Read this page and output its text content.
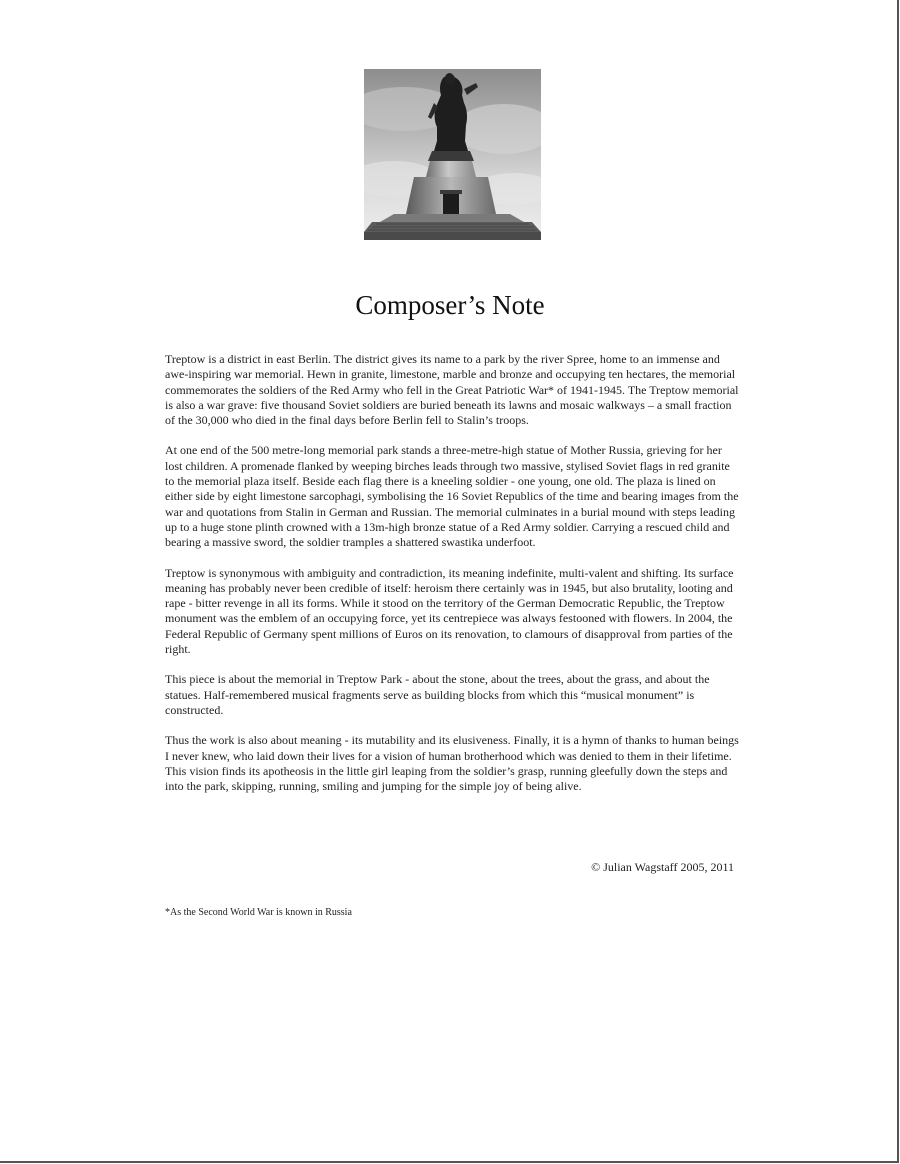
Composer’s Note

Treptow is a district in east Berlin. The district gives its name to a park by the river Spree, home to an immense and awe-inspiring war memorial. Hewn in granite, limestone, marble and bronze and occupying ten hectares, the memorial commemorates the soldiers of the Red Army who fell in the Great Patriotic War* of 1941-1945. The Treptow memorial is also a war grave: five thousand Soviet soldiers are buried beneath its lawns and mosaic walkways – a small fraction of the 30,000 who died in the final days before Berlin fell to Stalin’s troops.

At one end of the 500 metre-long memorial park stands a three-metre-high statue of Mother Russia, grieving for her lost children. A promenade flanked by weeping birches leads through two massive, stylised Soviet flags in red granite to the memorial plaza itself. Beside each flag there is a kneeling soldier - one young, one old. The plaza is lined on either side by eight limestone sarcophagi, symbolising the 16 Soviet Republics of the time and bearing images from the war and quotations from Stalin in German and Russian. The memorial culminates in a burial mound with steps leading up to a huge stone plinth crowned with a 13m-high bronze statue of a Red Army soldier. Carrying a rescued child and bearing a massive sword, the soldier tramples a shattered swastika underfoot.

Treptow is synonymous with ambiguity and contradiction, its meaning indefinite, multi-valent and shifting. Its surface meaning has probably never been credible of itself: heroism there certainly was in 1945, but also brutality, looting and rape - bitter revenge in all its forms. While it stood on the territory of the German Democratic Republic, the Treptow monument was the emblem of an occupying force, yet its centrepiece was always festooned with flowers. In 2004, the Federal Republic of Germany spent millions of Euros on its renovation, to clamours of disapproval from parties of the right.

This piece is about the memorial in Treptow Park - about the stone, about the trees, about the grass, and about the statues. Half-remembered musical fragments serve as building blocks from which this “musical monument” is constructed.

Thus the work is also about meaning - its mutability and its elusiveness. Finally, it is a hymn of thanks to human beings I never knew, who laid down their lives for a vision of human brotherhood which was denied to them in their lifetime. This vision finds its apotheosis in the little girl leaping from the soldier’s grasp, running gleefully down the steps and into the park, skipping, running, smiling and jumping for the simple joy of being alive.

© Julian Wagstaff 2005, 2011
*As the Second World War is known in Russia
